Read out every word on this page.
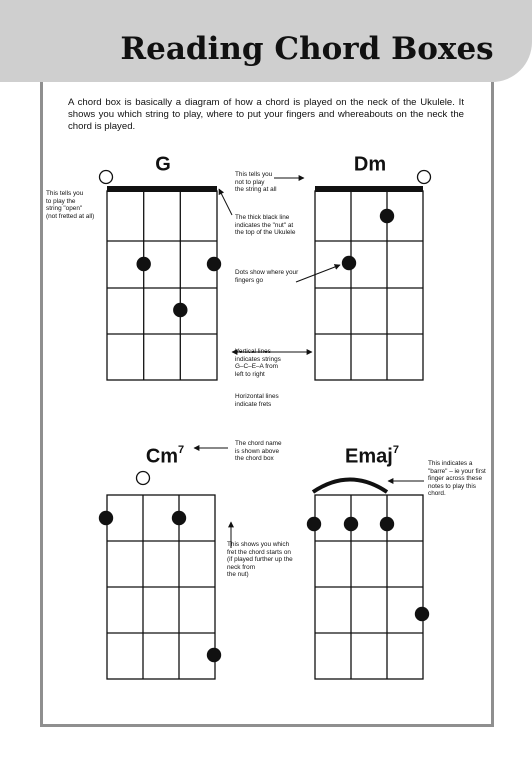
Reading Chord Boxes

A chord box is basically a diagram of how a chord is played on the neck of the Ukulele. It shows you which string to play, where to put your fingers and whereabouts on the neck the chord is played.

G	Dm
Cm$^7$	Emaj$^7$
This tells you
to play the
string "open"
(not fretted at all)
This tells you
not to play
the string at all
The thick black line
indicates the "nut" at
the top of the Ukulele
Dots show where your
fingers go
Vertical lines
indicates strings
G–C–E–A from
left to right
Horizontal lines
indicate frets
The chord name
is shown above
the chord box
This indicates a
"barre" – ie your first
finger across these
notes to play this
chord.
This shows you which
fret the chord starts on
(if played further up the
neck from
the nut)
